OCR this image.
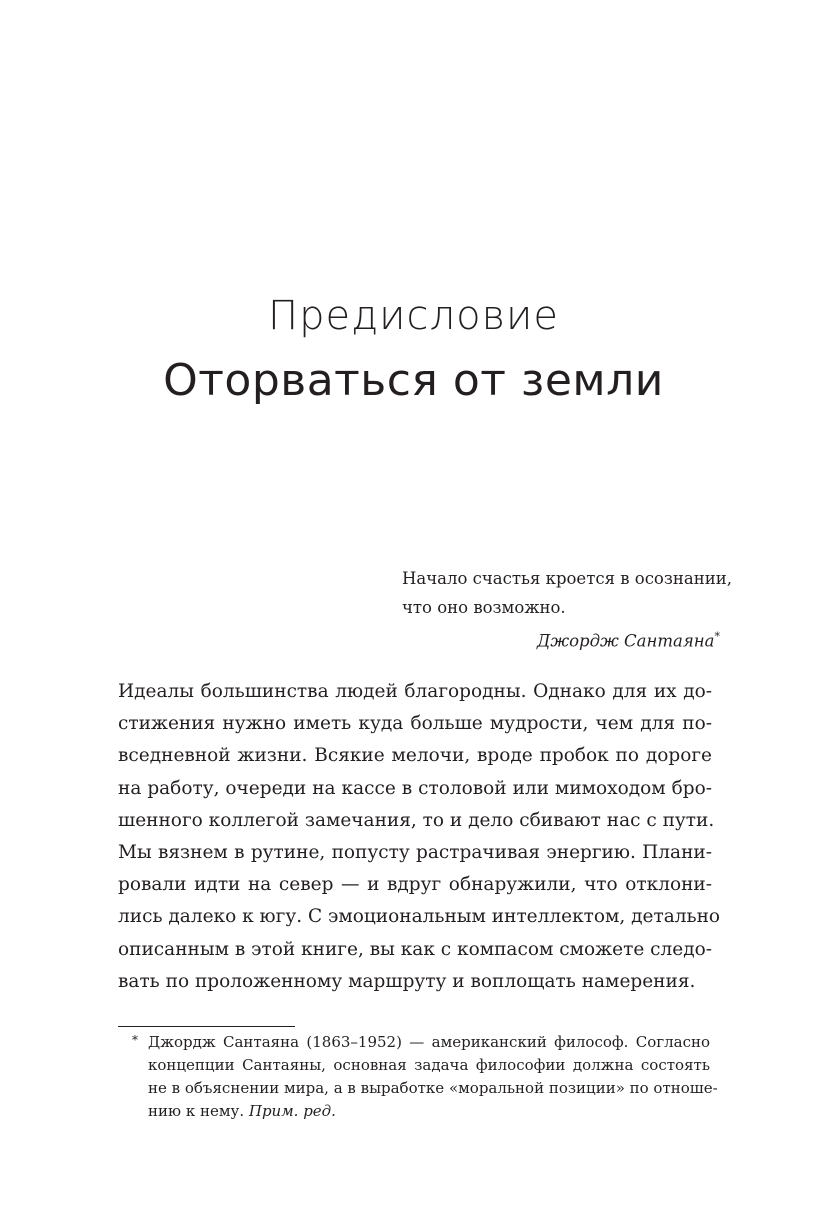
Предисловие
Оторваться от земли
Начало счастья кроется в осознании,
что оно возможно.
Джордж Сантаяна*
Идеалы большинства людей благородны. Однако для их до-
стижения нужно иметь куда больше мудрости, чем для по-
вседневной жизни. Всякие мелочи, вроде пробок по дороге
на работу, очереди на кассе в столовой или мимоходом бро-
шенного коллегой замечания, то и дело сбивают нас с пути.
Мы вязнем в рутине, попусту растрачивая энергию. Плани-
ровали идти на север — и вдруг обнаружили, что отклони-
лись далеко к югу. С эмоциональным интеллектом, детально
описанным в этой книге, вы как с компасом сможете следо-
вать по проложенному маршруту и воплощать намерения.
* Джордж Сантаяна (1863–1952) — американский философ. Согласно
концепции Сантаяны, основная задача философии должна состоять
не в объяснении мира, а в выработке «моральной позиции» по отноше-
нию к нему. Прим. ред.
